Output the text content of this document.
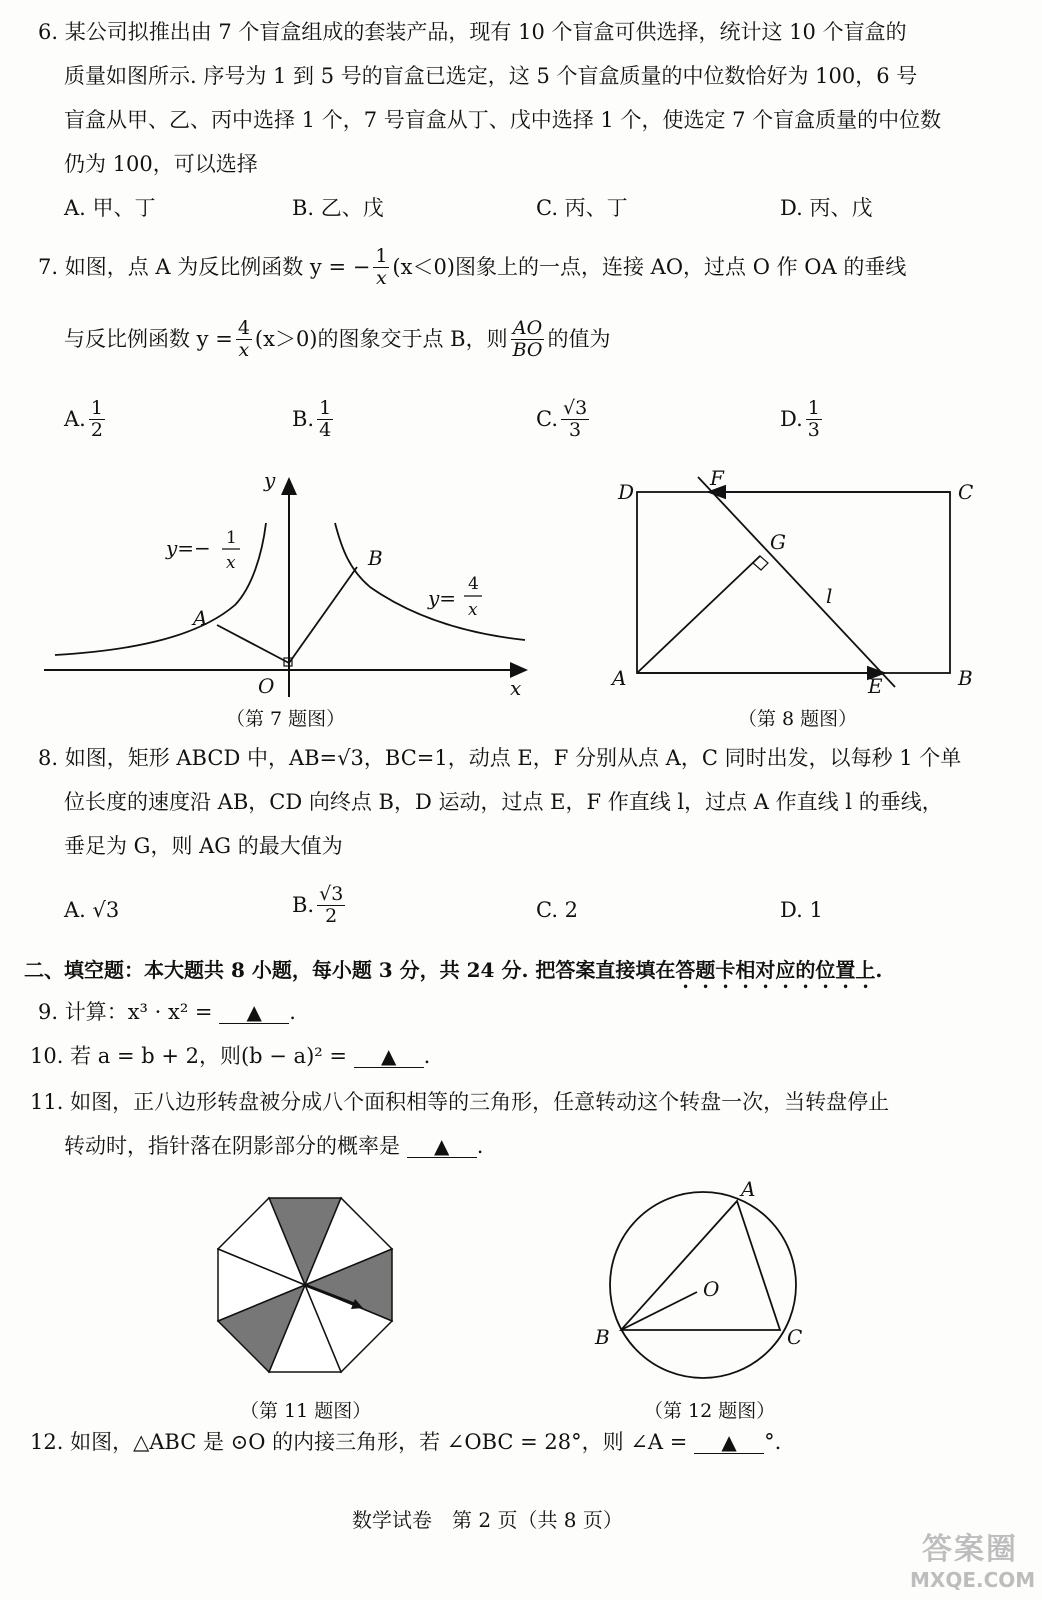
6. 某公司拟推出由 7 个盲盒组成的套装产品，现有 10 个盲盒可供选择，统计这 10 个盲盒的
质量如图所示. 序号为 1 到 5 号的盲盒已选定，这 5 个盲盒质量的中位数恰好为 100，6 号
盲盒从甲、乙、丙中选择 1 个，7 号盲盒从丁、戊中选择 1 个，使选定 7 个盲盒质量的中位数
仍为 100，可以选择
A. 甲、丁	B. 乙、戊	C. 丙、丁	D. 丙、戊
7. 如图，点 A 为反比例函数 y = − $\frac{1}{x} (x<0)$图象上的一点，连接 AO，过点 O 作 OA 的垂线
与反比例函数 $y = \frac{4}{x} (x>0)$的图象交于点 B，则 $\frac{AO}{BO}$ 的值为
A. $\frac{1}{2}$	B. $\frac{1}{4}$	C. $\frac{√3}{3}$	D. $\frac{1}{3}$
y
x
O
A
B
y=− 1
x
y=
4
x
（第 7 题图）
D	C
A	B
F
E
G
l
（第 8 题图）
8. 如图，矩形 ABCD 中，AB=√3，BC=1，动点 E，F 分别从点 A，C 同时出发，以每秒 1 个单
位长度的速度沿 AB，CD 向终点 B，D 运动，过点 E，F 作直线 l，过点 A 作直线 l 的垂线，
垂足为 G，则 AG 的最大值为
A. √3	B. $\frac{√3}{2}$	C. 2	D. 1
二、填空题：本大题共 8 小题，每小题 3 分，共 24 分. 把答案直接填在答题卡相对应的位置上.
9. 计算：x³ · x² = ▲ .
10. 若 a = b + 2，则(b − a)² = ▲ .
11. 如图，正八边形转盘被分成八个面积相等的三角形，任意转动这个转盘一次，当转盘停止
转动时，指针落在阴影部分的概率是 ▲ .
（第 11 题图）
A
B	C
O
（第 12 题图）
12. 如图，△ABC 是 ⊙O 的内接三角形，若 ∠OBC = 28°，则 ∠A = ▲ °.
数学试卷　第 2 页（共 8 页）
答案圈
MXQE.COM
